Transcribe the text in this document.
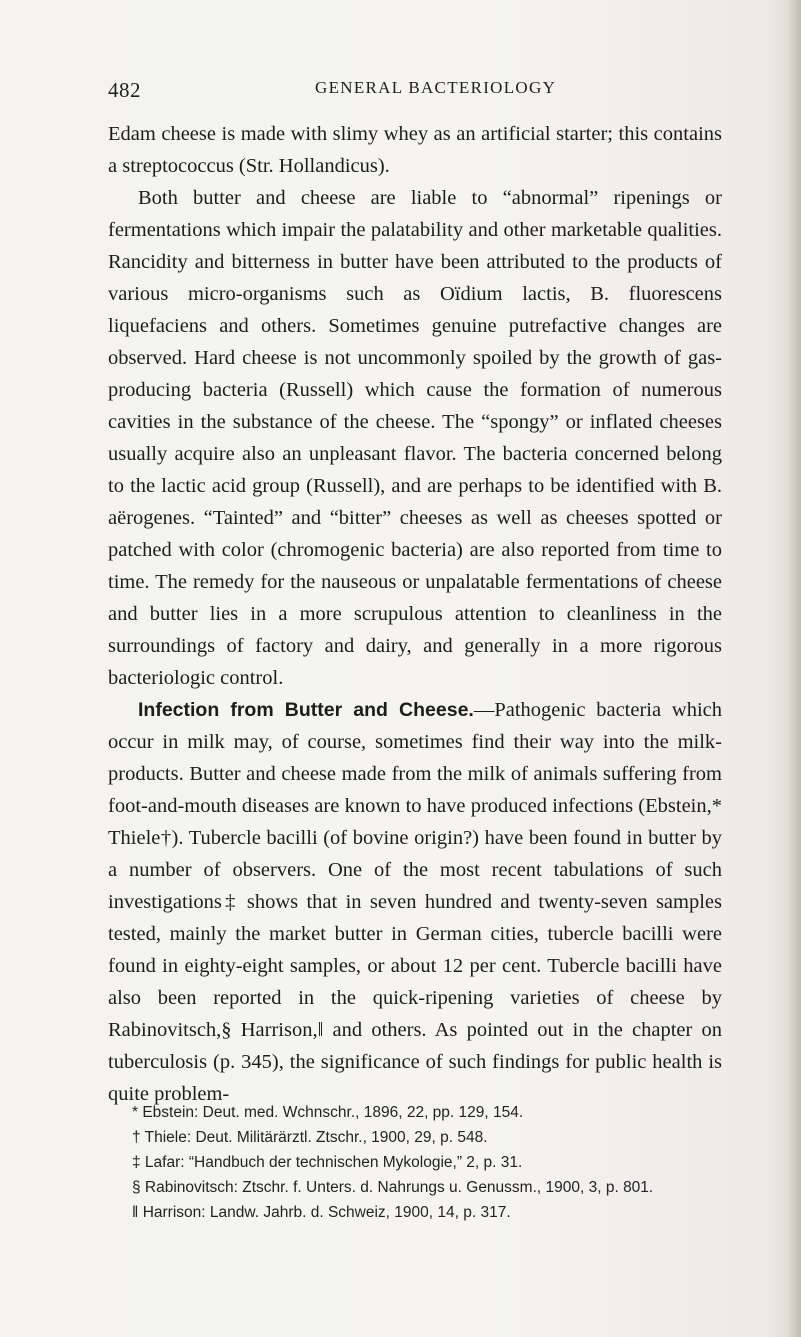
482	GENERAL BACTERIOLOGY

Edam cheese is made with slimy whey as an artificial starter; this contains a streptococcus (Str. Hollandicus).

Both butter and cheese are liable to “abnormal” ripenings or fermentations which impair the palatability and other marketable qualities. Rancidity and bitterness in butter have been attributed to the products of various micro-organisms such as Oïdium lactis, B. fluorescens liquefaciens and others. Sometimes genuine putrefactive changes are observed. Hard cheese is not uncommonly spoiled by the growth of gas-producing bacteria (Russell) which cause the formation of numerous cavities in the substance of the cheese. The “spongy” or inflated cheeses usually acquire also an unpleasant flavor. The bacteria concerned belong to the lactic acid group (Russell), and are perhaps to be identified with B. aërogenes. “Tainted” and “bitter” cheeses as well as cheeses spotted or patched with color (chromogenic bacteria) are also reported from time to time. The remedy for the nauseous or unpalatable fermentations of cheese and butter lies in a more scrupulous attention to cleanliness in the surroundings of factory and dairy, and generally in a more rigorous bacteriologic control.

Infection from Butter and Cheese.—Pathogenic bacteria which occur in milk may, of course, sometimes find their way into the milk-products. Butter and cheese made from the milk of animals suffering from foot-and-mouth diseases are known to have produced infections (Ebstein,* Thiele†). Tubercle bacilli (of bovine origin?) have been found in butter by a number of observers. One of the most recent tabulations of such investigations‡ shows that in seven hundred and twenty-seven samples tested, mainly the market butter in German cities, tubercle bacilli were found in eighty-eight samples, or about 12 per cent. Tubercle bacilli have also been reported in the quick-ripening varieties of cheese by Rabinovitsch,§ Harrison,‖ and others. As pointed out in the chapter on tuberculosis (p. 345), the significance of such findings for public health is quite problem-

* Ebstein: Deut. med. Wchnschr., 1896, 22, pp. 129, 154.

† Thiele: Deut. Militärärztl. Ztschr., 1900, 29, p. 548.

‡ Lafar: “Handbuch der technischen Mykologie,” 2, p. 31.

§ Rabinovitsch: Ztschr. f. Unters. d. Nahrungs u. Genussm., 1900, 3, p. 801.

‖ Harrison: Landw. Jahrb. d. Schweiz, 1900, 14, p. 317.
